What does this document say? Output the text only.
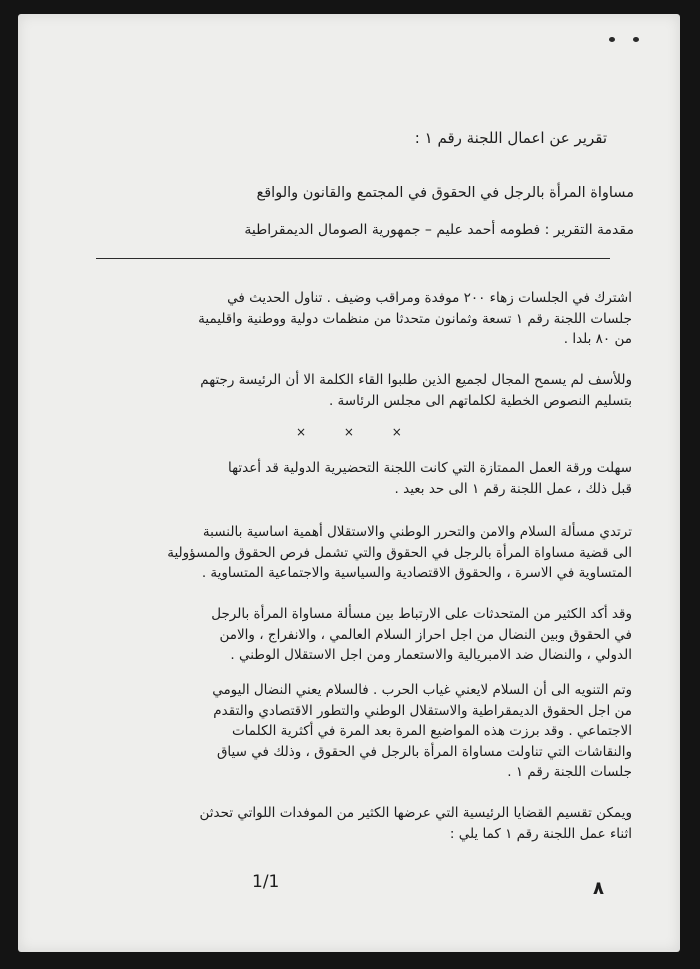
تقرير عن اعمال اللجنة رقم ١ :
مساواة المرأة بالرجل في الحقوق في المجتمع والقانون والواقع
مقدمة التقرير : فطومه أحمد عليم – جمهورية الصومال الديمقراطية
اشترك في الجلسات زهاء ٢٠٠ موفدة ومراقب وضيف . تناول الحديث في
جلسات اللجنة رقم ١ تسعة وثمانون متحدثا من منظمات دولية ووطنية واقليمية
من ٨٠ بلدا .
وللأسف لم يسمح المجال لجميع الذين طلبوا القاء الكلمة الا أن الرئيسة رجتهم
بتسليم النصوص الخطية لكلماتهم الى مجلس الرئاسة .
× × ×
سهلت ورقة العمل الممتازة التي كانت اللجنة التحضيرية الدولية قد أعدتها
قبل ذلك ، عمل اللجنة رقم ١ الى حد بعيد .
ترتدي مسألة السلام والامن والتحرر الوطني والاستقلال أهمية اساسية بالنسبة
الى قضية مساواة المرأة بالرجل في الحقوق والتي تشمل فرص الحقوق والمسؤولية
المتساوية في الاسرة ، والحقوق الاقتصادية والسياسية والاجتماعية المتساوية .
وقد أكد الكثير من المتحدثات على الارتباط بين مسألة مساواة المرأة بالرجل
في الحقوق وبين النضال من اجل احراز السلام العالمي ، والانفراج ، والامن
الدولي ، والنضال ضد الامبريالية والاستعمار ومن اجل الاستقلال الوطني .
وتم التنويه الى أن السلام لايعني غياب الحرب . فالسلام يعني النضال اليومي
من اجل الحقوق الديمقراطية والاستقلال الوطني والتطور الاقتصادي والتقدم
الاجتماعي . وقد برزت هذه المواضيع المرة بعد المرة في أكثرية الكلمات
والنقاشات التي تناولت مساواة المرأة بالرجل في الحقوق ، وذلك في سياق
جلسات اللجنة رقم ١ .
ويمكن تقسيم القضايا الرئيسية التي عرضها الكثير من الموفدات اللواتي تحدثن
اثناء عمل اللجنة رقم ١ كما يلي :
1/1	٨
